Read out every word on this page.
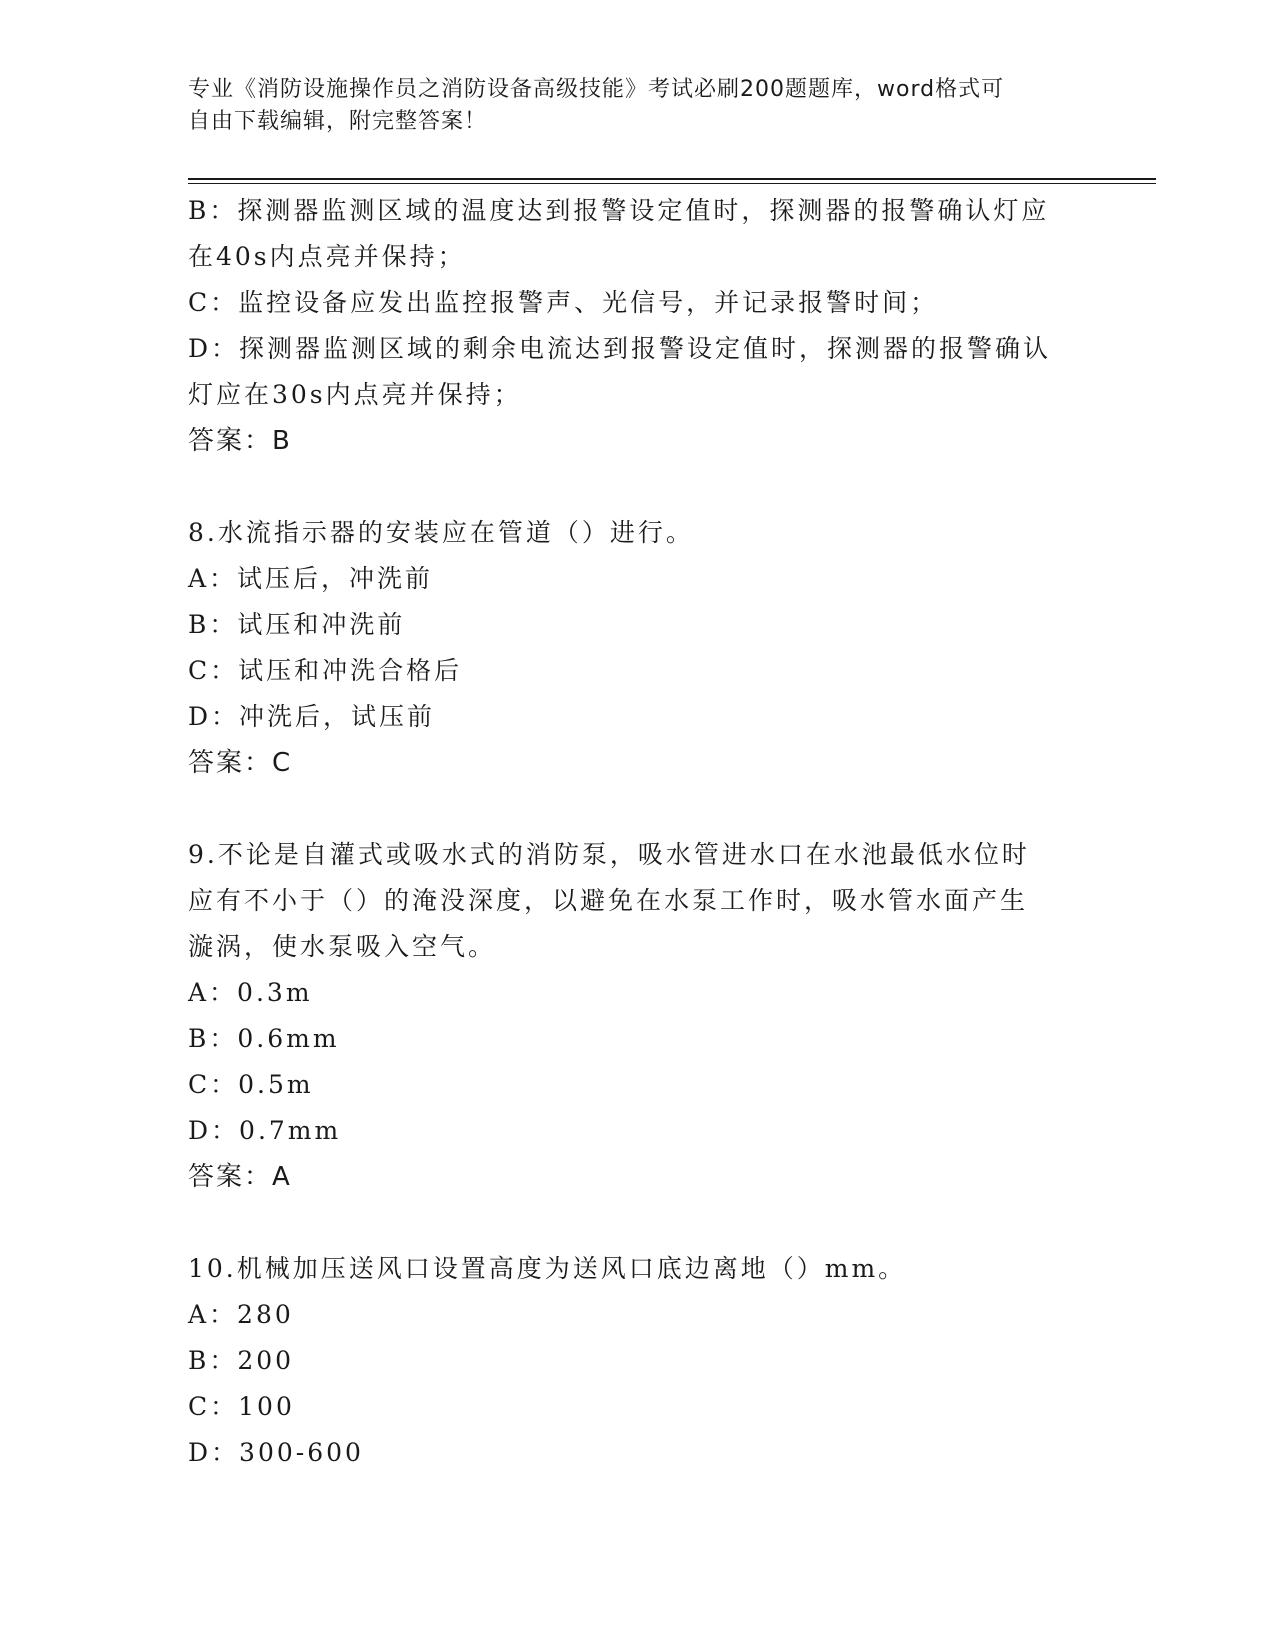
专业《消防设施操作员之消防设备高级技能》考试必刷200题题库，word格式可
自由下载编辑，附完整答案！
B：探测器监测区域的温度达到报警设定值时，探测器的报警确认灯应
在40s内点亮并保持；
C：监控设备应发出监控报警声、光信号，并记录报警时间；
D：探测器监测区域的剩余电流达到报警设定值时，探测器的报警确认
灯应在30s内点亮并保持；
答案：B
8.水流指示器的安装应在管道（）进行。
A：试压后，冲洗前
B：试压和冲洗前
C：试压和冲洗合格后
D：冲洗后，试压前
答案：C
9.不论是自灌式或吸水式的消防泵，吸水管进水口在水池最低水位时
应有不小于（）的淹没深度，以避免在水泵工作时，吸水管水面产生
漩涡，使水泵吸入空气。
A：0.3m
B：0.6mm
C：0.5m
D：0.7mm
答案：A
10.机械加压送风口设置高度为送风口底边离地（）mm。
A：280
B：200
C：100
D：300-600
